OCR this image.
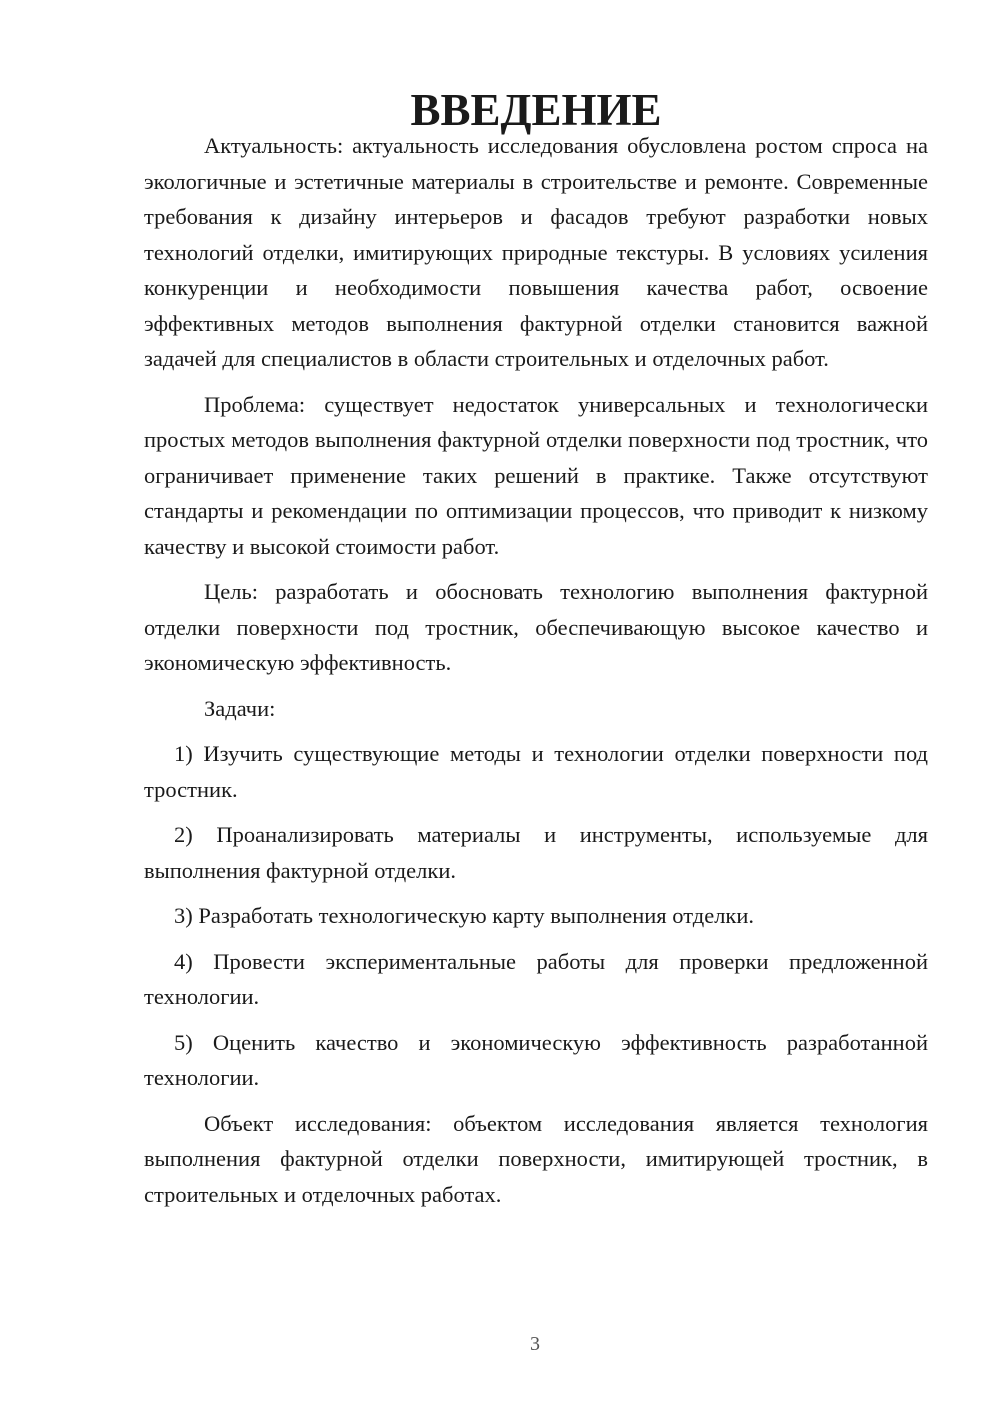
ВВЕДЕНИЕ

Актуальность: актуальность исследования обусловлена ростом спроса на экологичные и эстетичные материалы в строительстве и ремонте. Современные требования к дизайну интерьеров и фасадов требуют разработки новых технологий отделки, имитирующих природные текстуры. В условиях усиления конкуренции и необходимости повышения качества работ, освоение эффективных методов выполнения фактурной отделки становится важной задачей для специалистов в области строительных и отделочных работ.

Проблема: существует недостаток универсальных и технологически простых методов выполнения фактурной отделки поверхности под тростник, что ограничивает применение таких решений в практике. Также отсутствуют стандарты и рекомендации по оптимизации процессов, что приводит к низкому качеству и высокой стоимости работ.

Цель: разработать и обосновать технологию выполнения фактурной отделки поверхности под тростник, обеспечивающую высокое качество и экономическую эффективность.

Задачи:

1) Изучить существующие методы и технологии отделки поверхности под тростник.

2) Проанализировать материалы и инструменты, используемые для выполнения фактурной отделки.

3) Разработать технологическую карту выполнения отделки.

4) Провести экспериментальные работы для проверки предложенной технологии.

5) Оценить качество и экономическую эффективность разработанной технологии.

Объект исследования: объектом исследования является технология выполнения фактурной отделки поверхности, имитирующей тростник, в строительных и отделочных работах.

3
